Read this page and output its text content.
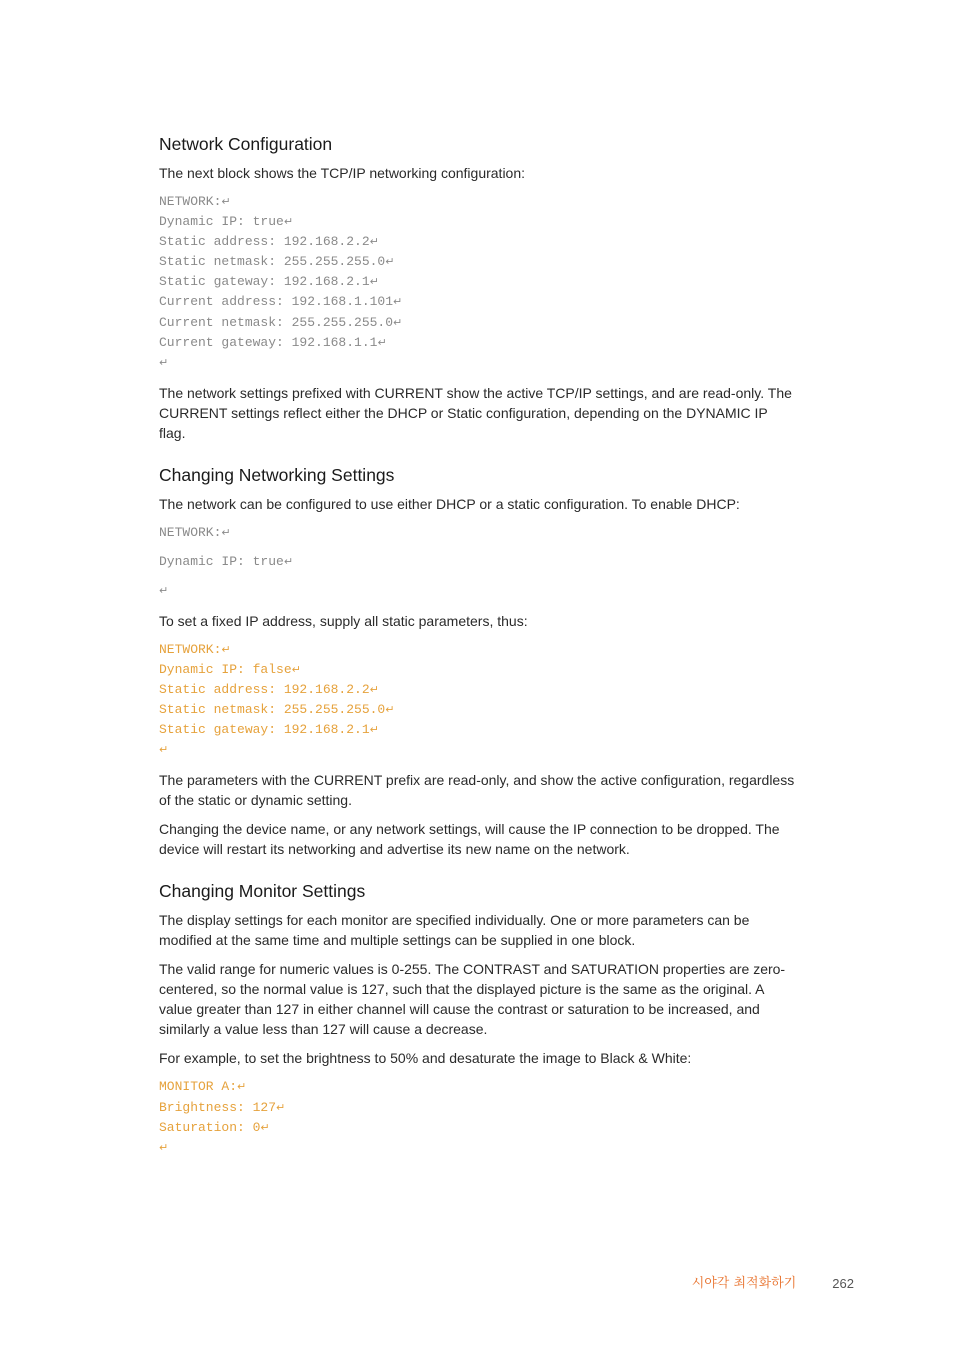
Network Configuration

The next block shows the TCP/IP networking configuration:

NETWORK:↵
Dynamic IP: true↵
Static address: 192.168.2.2↵
Static netmask: 255.255.255.0↵
Static gateway: 192.168.2.1↵
Current address: 192.168.1.101↵
Current netmask: 255.255.255.0↵
Current gateway: 192.168.1.1↵
↵

The network settings prefixed with CURRENT show the active TCP/IP settings, and are read-only. The CURRENT settings reflect either the DHCP or Static configuration, depending on the DYNAMIC IP flag.

Changing Networking Settings

The network can be configured to use either DHCP or a static configuration. To enable DHCP:

NETWORK:↵
Dynamic IP: true↵
↵

To set a fixed IP address, supply all static parameters, thus:

NETWORK:↵
Dynamic IP: false↵
Static address: 192.168.2.2↵
Static netmask: 255.255.255.0↵
Static gateway: 192.168.2.1↵
↵

The parameters with the CURRENT prefix are read-only, and show the active configuration, regardless of the static or dynamic setting.

Changing the device name, or any network settings, will cause the IP connection to be dropped. The device will restart its networking and advertise its new name on the network.

Changing Monitor Settings

The display settings for each monitor are specified individually. One or more parameters can be modified at the same time and multiple settings can be supplied in one block.

The valid range for numeric values is 0-255. The CONTRAST and SATURATION properties are zero-centered, so the normal value is 127, such that the displayed picture is the same as the original. A value greater than 127 in either channel will cause the contrast or saturation to be increased, and similarly a value less than 127 will cause a decrease.

For example, to set the brightness to 50% and desaturate the image to Black & White:

MONITOR A:↵
Brightness: 127↵
Saturation: 0↵
↵
시야각 최적화하기	262
